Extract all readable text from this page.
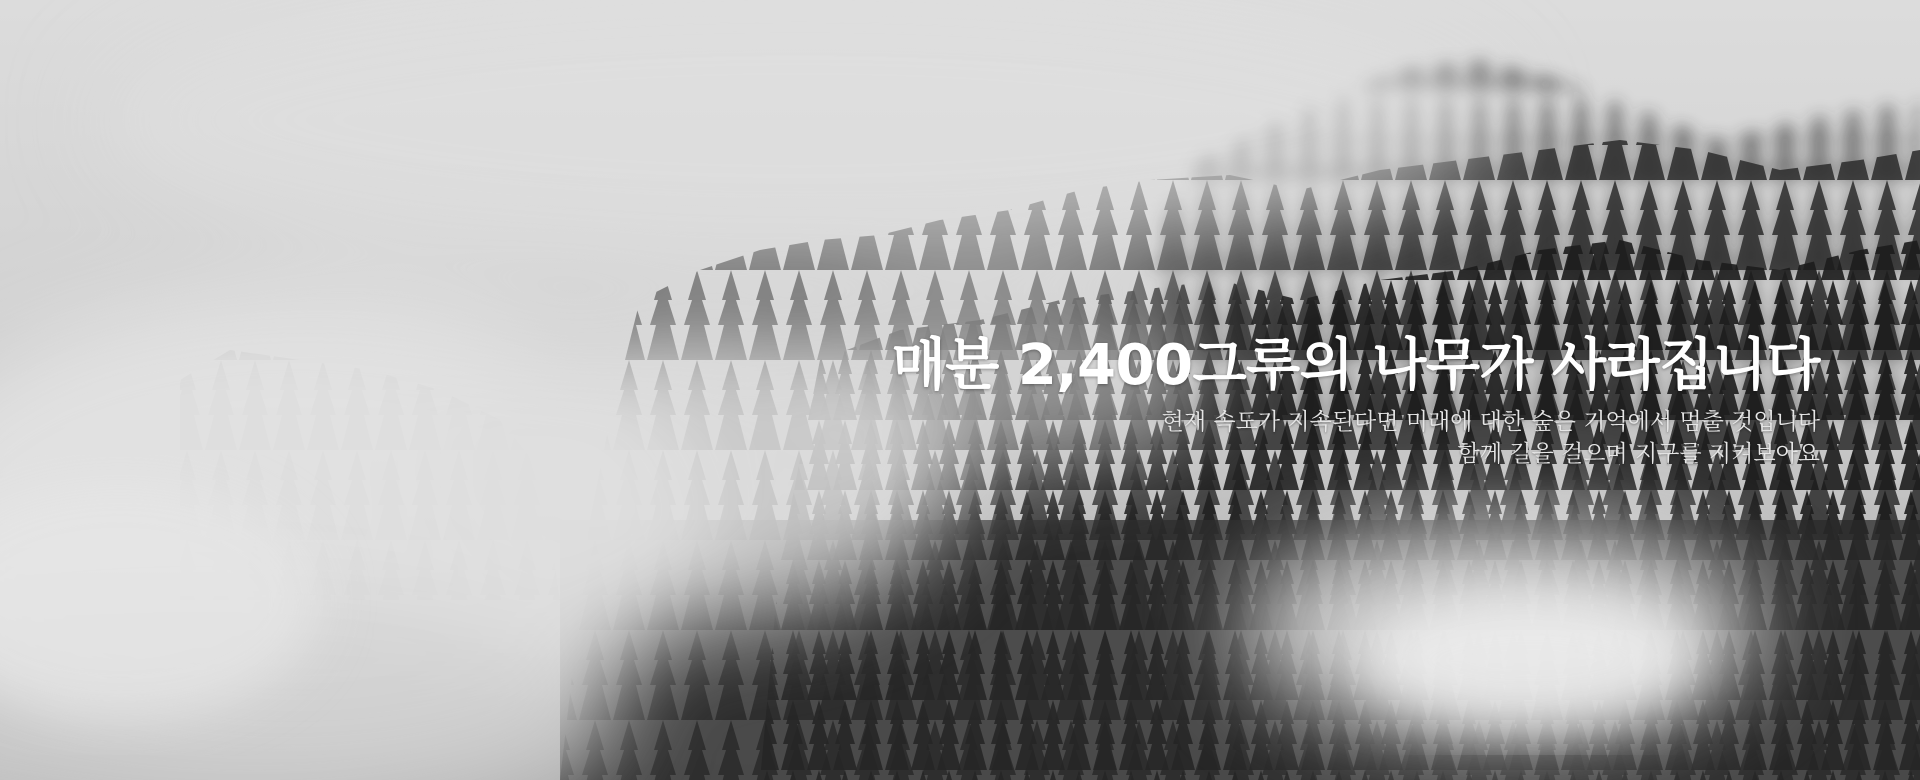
매분 2,400그루의 나무가 사라집니다

현재 속도가 지속된다면 미래에 대한 숲은 기억에서 멈출 것입니다
함께 길을 걸으며 지구를 지켜보아요
